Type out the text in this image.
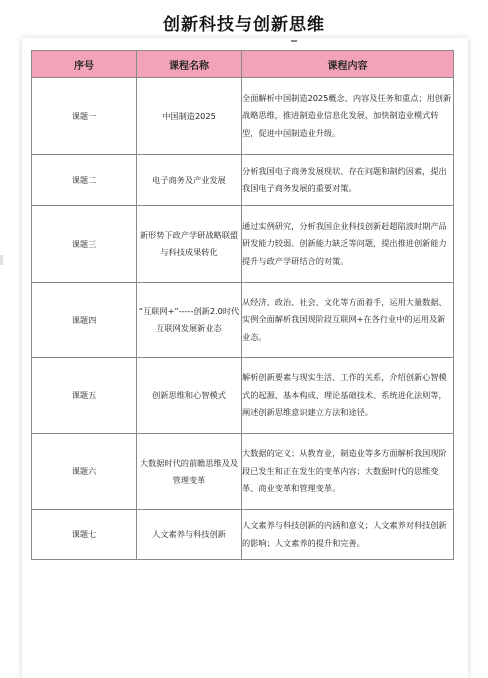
创新科技与创新思维
序号	课程名称	课程内容
课题一	中国制造2025	全面解析中国制造2025概念、内容及任务和重点；用创新战略思维，推进制造业信息化发展，加快制造业模式转型，促进中国制造业升级。
课题二	电子商务及产业发展	分析我国电子商务发展现状、存在问题和制约因素，提出我国电子商务发展的重要对策。
课题三	新形势下政产学研战略联盟与科技成果转化	通过实例研究，分析我国企业科技创新赶超陷波时期产品研发能力较弱、创新能力缺乏等问题，提出推进创新能力提升与政产学研结合的对策。
课题四	“互联网+”-----创新2.0时代互联网发展新业态	从经济、政治、社会、文化等方面着手，运用大量数据、实例全面解析我国现阶段互联网+在各行业中的运用及新业态。
课题五	创新思维和心智模式	解析创新要素与现实生活、工作的关系，介绍创新心智模式的起源、基本构成、理论基础技术、系统进化法则等，阐述创新思维意识建立方法和途径。
课题六	大数据时代的前瞻思维及及管理变革	大数据的定义；从教育业，制造业等多方面解析我国现阶段已发生和正在发生的变革内容；大数据时代的思维变革、商业变革和管理变革。
课题七	人文素养与科技创新	人文素养与科技创新的内涵和意义；人文素养对科技创新的影响；人文素养的提升和完善。
